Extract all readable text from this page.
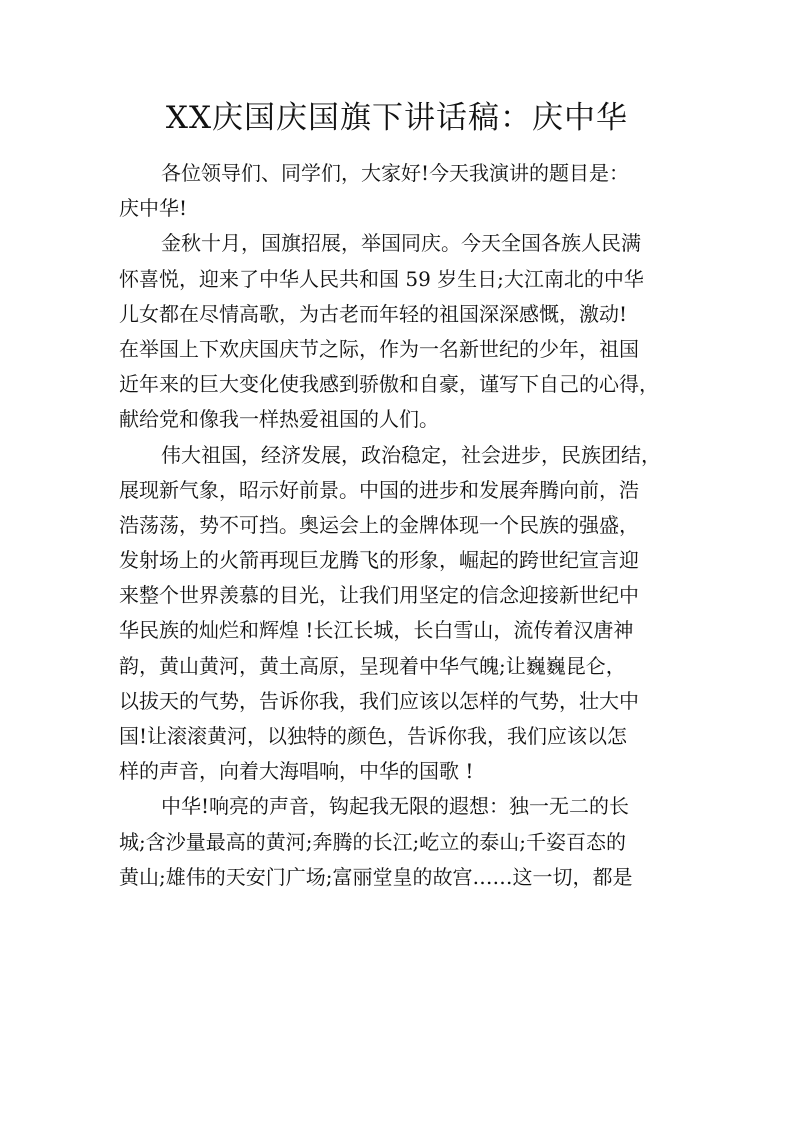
XX庆国庆国旗下讲话稿：庆中华

各位领导们、同学们，大家好!今天我演讲的题目是：
庆中华!

金秋十月，国旗招展，举国同庆。今天全国各族人民满
怀喜悦，迎来了中华人民共和国 59 岁生日;大江南北的中华
儿女都在尽情高歌，为古老而年轻的祖国深深感慨，激动!
在举国上下欢庆国庆节之际，作为一名新世纪的少年，祖国
近年来的巨大变化使我感到骄傲和自豪，谨写下自己的心得，
献给党和像我一样热爱祖国的人们。

伟大祖国，经济发展，政治稳定，社会进步，民族团结，
展现新气象，昭示好前景。中国的进步和发展奔腾向前，浩
浩荡荡，势不可挡。奥运会上的金牌体现一个民族的强盛，
发射场上的火箭再现巨龙腾飞的形象，崛起的跨世纪宣言迎
来整个世界羡慕的目光，让我们用坚定的信念迎接新世纪中
华民族的灿烂和辉煌 !长江长城，长白雪山，流传着汉唐神
韵，黄山黄河，黄土高原，呈现着中华气魄;让巍巍昆仑，
以拔天的气势，告诉你我，我们应该以怎样的气势，壮大中
国!让滚滚黄河，以独特的颜色，告诉你我，我们应该以怎
样的声音，向着大海唱响，中华的国歌 !

中华!响亮的声音，钩起我无限的遐想：独一无二的长
城;含沙量最高的黄河;奔腾的长江;屹立的泰山;千姿百态的
黄山;雄伟的天安门广场;富丽堂皇的故宫……这一切，都是
